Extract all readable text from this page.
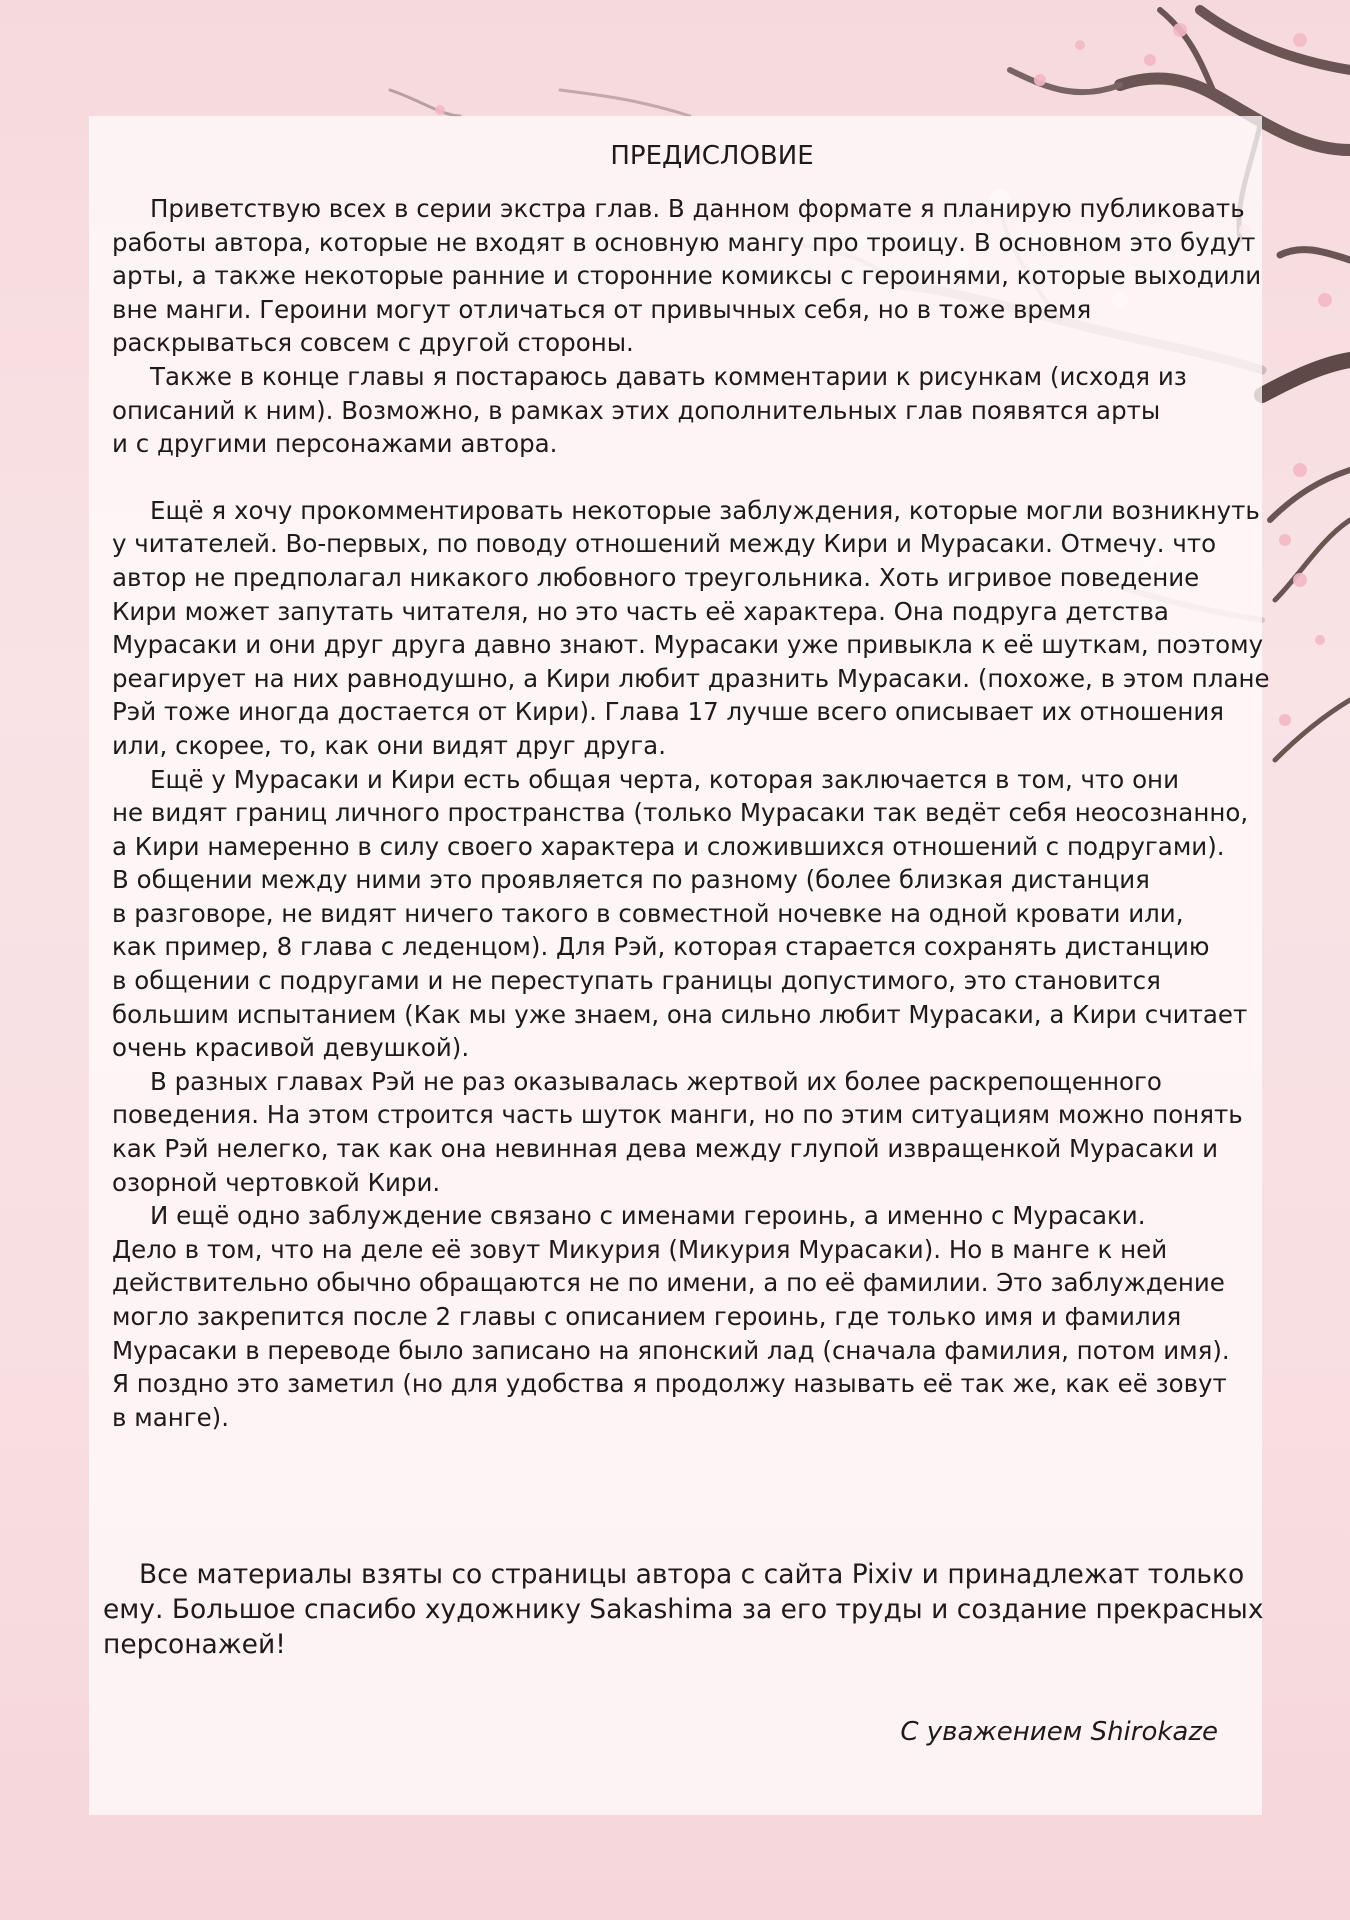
ПРЕДИСЛОВИЕ
Приветствую всех в серии экстра глав. В данном формате я планирую публиковать
работы автора, которые не входят в основную мангу про троицу. В основном это будут
арты, а также некоторые ранние и сторонние комиксы с героинями, которые выходили
вне манги. Героини могут отличаться от привычных себя, но в тоже время
раскрываться совсем с другой стороны.
Также в конце главы я постараюсь давать комментарии к рисункам (исходя из
описаний к ним). Возможно, в рамках этих дополнительных глав появятся арты
и с другими персонажами автора.
Ещё я хочу прокомментировать некоторые заблуждения, которые могли возникнуть
у читателей. Во-первых, по поводу отношений между Кири и Мурасаки. Отмечу. что
автор не предполагал никакого любовного треугольника. Хоть игривое поведение
Кири может запутать читателя, но это часть её характера. Она подруга детства
Мурасаки и они друг друга давно знают. Мурасаки уже привыкла к её шуткам, поэтому
реагирует на них равнодушно, а Кири любит дразнить Мурасаки. (похоже, в этом плане
Рэй тоже иногда достается от Кири). Глава 17 лучше всего описывает их отношения
или, скорее, то, как они видят друг друга.
Ещё у Мурасаки и Кири есть общая черта, которая заключается в том, что они
не видят границ личного пространства (только Мурасаки так ведёт себя неосознанно,
а Кири намеренно в силу своего характера и сложившихся отношений с подругами).
В общении между ними это проявляется по разному (более близкая дистанция
в разговоре, не видят ничего такого в совместной ночевке на одной кровати или,
как пример, 8 глава с леденцом). Для Рэй, которая старается сохранять дистанцию
в общении с подругами и не переступать границы допустимого, это становится
большим испытанием (Как мы уже знаем, она сильно любит Мурасаки, а Кири считает
очень красивой девушкой).
В разных главах Рэй не раз оказывалась жертвой их более раскрепощенного
поведения. На этом строится часть шуток манги, но по этим ситуациям можно понять
как Рэй нелегко, так как она невинная дева между глупой извращенкой Мурасаки и
озорной чертовкой Кири.
И ещё одно заблуждение связано с именами героинь, а именно с Мурасаки.
Дело в том, что на деле её зовут Микурия (Микурия Мурасаки). Но в манге к ней
действительно обычно обращаются не по имени, а по её фамилии. Это заблуждение
могло закрепится после 2 главы с описанием героинь, где только имя и фамилия
Мурасаки в переводе было записано на японский лад (сначала фамилия, потом имя).
Я поздно это заметил (но для удобства я продолжу называть её так же, как её зовут
в манге).
Все материалы взяты со страницы автора с сайта Pixiv и принадлежат только
ему. Большое спасибо художнику Sakashima за его труды и создание прекрасных
персонажей!
С уважением Shirokaze
